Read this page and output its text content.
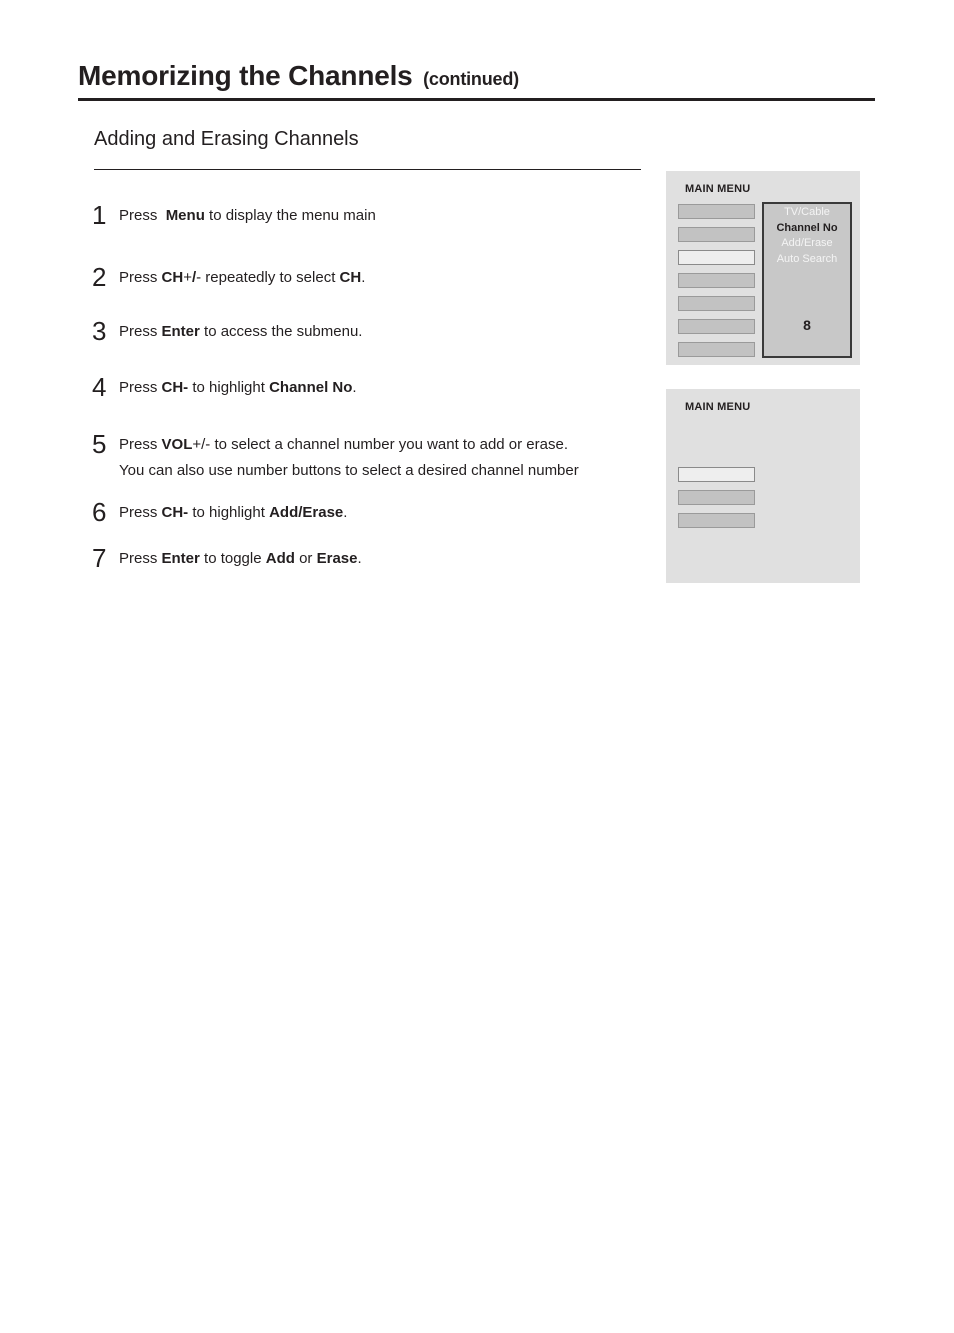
Memorizing the Channels (continued)
Adding and Erasing Channels
1 Press  Menu to display the menu main
2 Press CH+/- repeatedly to select CH.
3 Press Enter to access the submenu.
4 Press CH- to highlight Channel No.
5 Press VOL+/- to select a channel number you want to add or erase.
You can also use number buttons to select a desired channel number
6 Press CH- to highlight Add/Erase.
7 Press Enter to toggle Add or Erase.
MAIN MENU
TV/Cable
Channel No
Add/Erase
Auto Search
8
MAIN MENU
